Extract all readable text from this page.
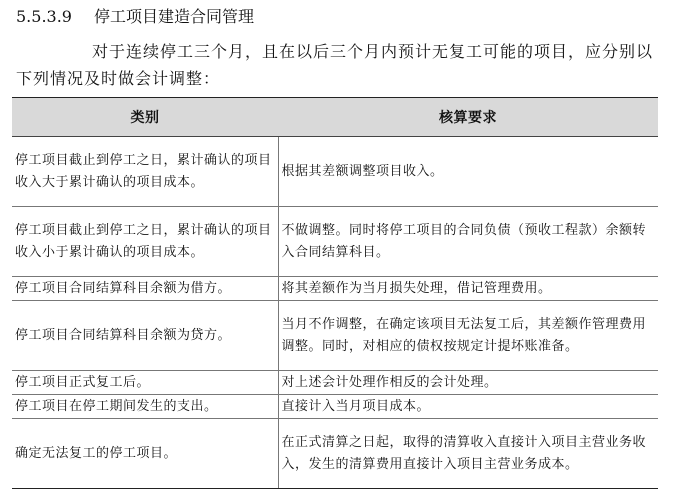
5.5.3.9 停工项目建造合同管理
对于连续停工三个月，且在以后三个月内预计无复工可能的项目，应分别以下列情况及时做会计调整：
类别	核算要求
停工项目截止到停工之日，累计确认的项目收入大于累计确认的项目成本。	根据其差额调整项目收入。
停工项目截止到停工之日，累计确认的项目收入小于累计确认的项目成本。	不做调整。同时将停工项目的合同负债（预收工程款）余额转入合同结算科目。
停工项目合同结算科目余额为借方。	将其差额作为当月损失处理，借记管理费用。
停工项目合同结算科目余额为贷方。	当月不作调整，在确定该项目无法复工后，其差额作管理费用调整。同时，对相应的债权按规定计提坏账准备。
停工项目正式复工后。	对上述会计处理作相反的会计处理。
停工项目在停工期间发生的支出。	直接计入当月项目成本。
确定无法复工的停工项目。	在正式清算之日起，取得的清算收入直接计入项目主营业务收入，发生的清算费用直接计入项目主营业务成本。
